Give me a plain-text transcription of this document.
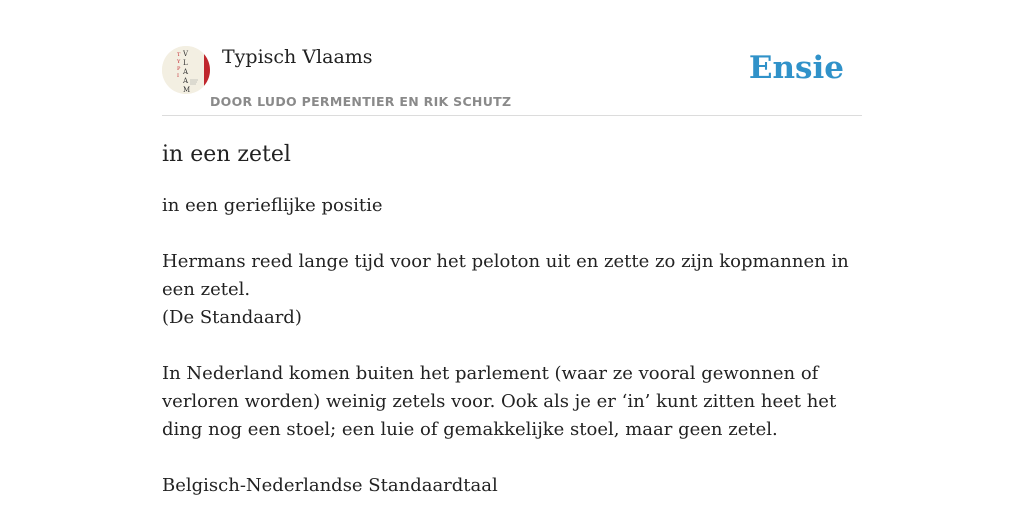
T
Y
P
I
V
L
A
A
M
Typisch Vlaams
DOOR LUDO PERMENTIER EN RIK SCHUTZ
Ensie
in een zetel

in een gerieflijke positie

Hermans reed lange tijd voor het peloton uit en zette zo zijn kopmannen in een zetel.
(De Standaard)

In Nederland komen buiten het parlement (waar ze vooral gewonnen of verloren worden) weinig zetels voor. Ook als je er ‘in’ kunt zitten heet het ding nog een stoel; een luie of gemakkelijke stoel, maar geen zetel.

Belgisch-Nederlandse Standaardtaal
